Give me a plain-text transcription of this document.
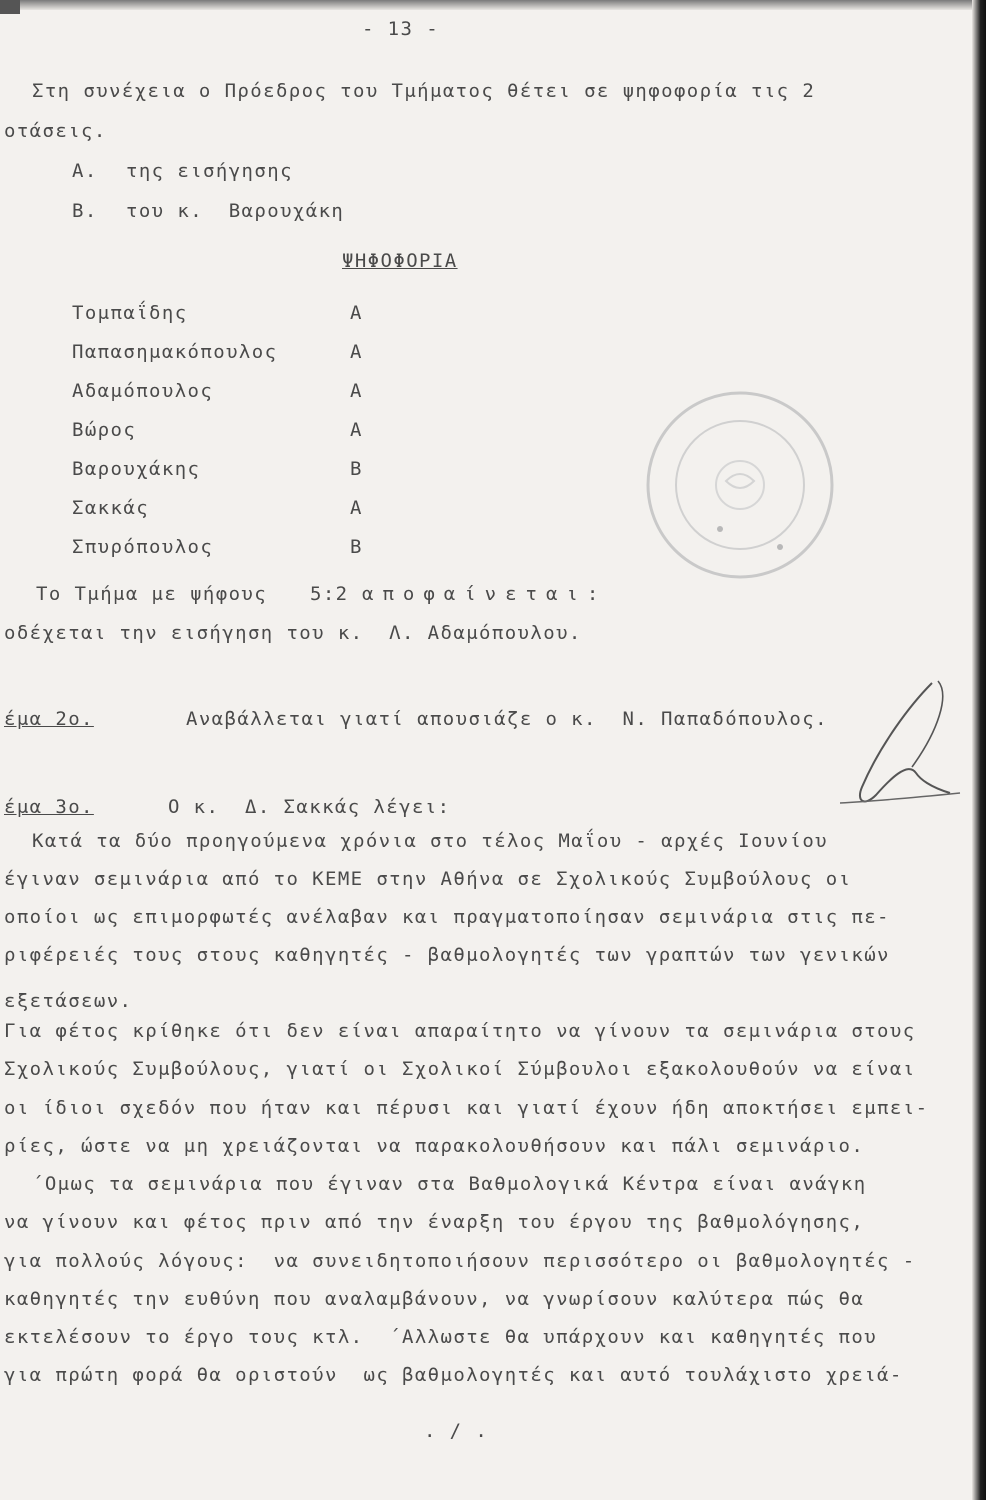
- 13 -
Στη συνέχεια ο Πρόεδρος του Τμήματος θέτει σε ψηφοφορία τις 2
οτάσεις.
Α. της εισήγησης
Β. του κ.  Βαρουχάκη
ΨΗΦΟΦΟΡΙΑ
Τομπαΐδης	Α
Παπασημακόπουλος	Α
Αδαμόπουλος	Α
Βώρος	Α
Βαρουχάκης	Β
Σακκάς	Α
Σπυρόπουλος	Β
Το Τμήμα με ψήφους 5:2 αποφαίνεται:
οδέχεται την εισήγηση του κ.  Λ. Αδαμόπουλου.
έμα 2ο.	Αναβάλλεται γιατί απουσιάζε ο κ.  Ν. Παπαδόπουλος.
έμα 3ο.	Ο κ.  Δ. Σακκάς λέγει:
Κατά τα δύο προηγούμενα χρόνια στο τέλος Μαΐου - αρχές Ιουνίου
έγιναν σεμινάρια από το ΚΕΜΕ στην Αθήνα σε Σχολικούς Συμβούλους οι
οποίοι ως επιμορφωτές ανέλαβαν και πραγματοποίησαν σεμινάρια στις πε-
ριφέρειές τους στους καθηγητές - βαθμολογητές των γραπτών των γενικών
εξετάσεων.
Για φέτος κρίθηκε ότι δεν είναι απαραίτητο να γίνουν τα σεμινάρια στους
Σχολικούς Συμβούλους, γιατί οι Σχολικοί Σύμβουλοι εξακολουθούν να είναι
οι ίδιοι σχεδόν που ήταν και πέρυσι και γιατί έχουν ήδη αποκτήσει εμπει-
ρίες, ώστε να μη χρειάζονται να παρακολουθήσουν και πάλι σεμινάριο.
΄Ομως τα σεμινάρια που έγιναν στα Βαθμολογικά Κέντρα είναι ανάγκη
να γίνουν και φέτος πριν από την έναρξη του έργου της βαθμολόγησης,
για πολλούς λόγους:  να συνειδητοποιήσουν περισσότερο οι βαθμολογητές -
καθηγητές την ευθύνη που αναλαμβάνουν, να γνωρίσουν καλύτερα πώς θα
εκτελέσουν το έργο τους κτλ.  ΄Αλλωστε θα υπάρχουν και καθηγητές που
για πρώτη φορά θα οριστούν  ως βαθμολογητές και αυτό τουλάχιστο χρειά-
. / .
